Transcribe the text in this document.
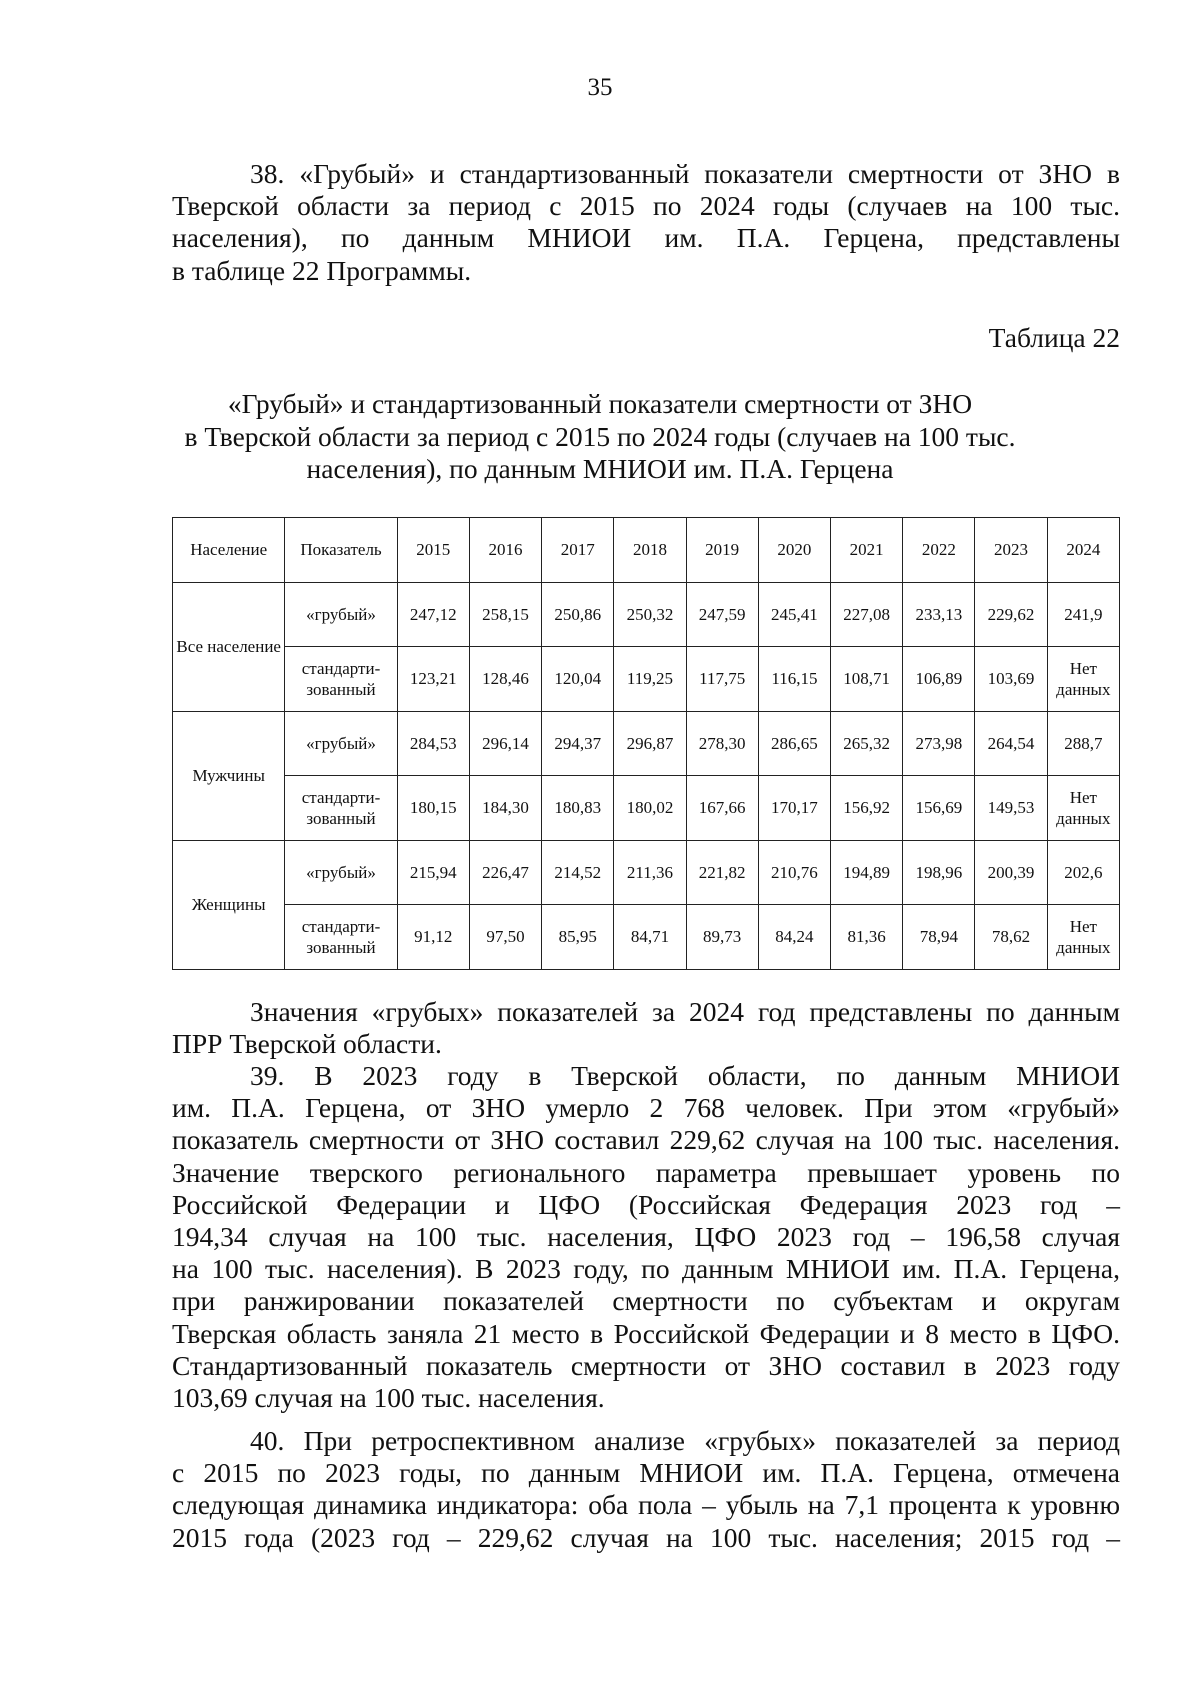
35

38. «Грубый» и стандартизованный показатели смертности от ЗНО в
Тверской области за период с 2015 по 2024 годы (случаев на 100 тыс.
населения), по данным МНИОИ им. П.А. Герцена, представлены
в таблице 22 Программы.

Таблица 22
«Грубый» и стандартизованный показатели смертности от ЗНО
в Тверской области за период с 2015 по 2024 годы (случаев на 100 тыс.
населения), по данным МНИОИ им. П.А. Герцена
Население	Показатель	2015	2016	2017	2018	2019	2020	2021	2022	2023	2024
Все население	«грубый»	247,12	258,15	250,86	250,32	247,59	245,41	227,08	233,13	229,62	241,9
	стандарти-зованный	123,21	128,46	120,04	119,25	117,75	116,15	108,71	106,89	103,69	Нет данных
Мужчины	«грубый»	284,53	296,14	294,37	296,87	278,30	286,65	265,32	273,98	264,54	288,7
	стандарти-зованный	180,15	184,30	180,83	180,02	167,66	170,17	156,92	156,69	149,53	Нет данных
Женщины	«грубый»	215,94	226,47	214,52	211,36	221,82	210,76	194,89	198,96	200,39	202,6
	стандарти-зованный	91,12	97,50	85,95	84,71	89,73	84,24	81,36	78,94	78,62	Нет данных

Значения «грубых» показателей за 2024 год представлены по данным
ПРР Тверской области.

39. В 2023 году в Тверской области, по данным МНИОИ
им. П.А. Герцена, от ЗНО умерло 2 768 человек. При этом «грубый»
показатель смертности от ЗНО составил 229,62 случая на 100 тыс. населения.
Значение тверского регионального параметра превышает уровень по
Российской Федерации и ЦФО (Российская Федерация 2023 год –
194,34 случая на 100 тыс. населения, ЦФО 2023 год – 196,58 случая
на 100 тыс. населения). В 2023 году, по данным МНИОИ им. П.А. Герцена,
при ранжировании показателей смертности по субъектам и округам
Тверская область заняла 21 место в Российской Федерации и 8 место в ЦФО.
Стандартизованный показатель смертности от ЗНО составил в 2023 году
103,69 случая на 100 тыс. населения.

40. При ретроспективном анализе «грубых» показателей за период
с 2015 по 2023 годы, по данным МНИОИ им. П.А. Герцена, отмечена
следующая динамика индикатора: оба пола – убыль на 7,1 процента к уровню
2015 года (2023 год – 229,62 случая на 100 тыс. населения; 2015 год –
